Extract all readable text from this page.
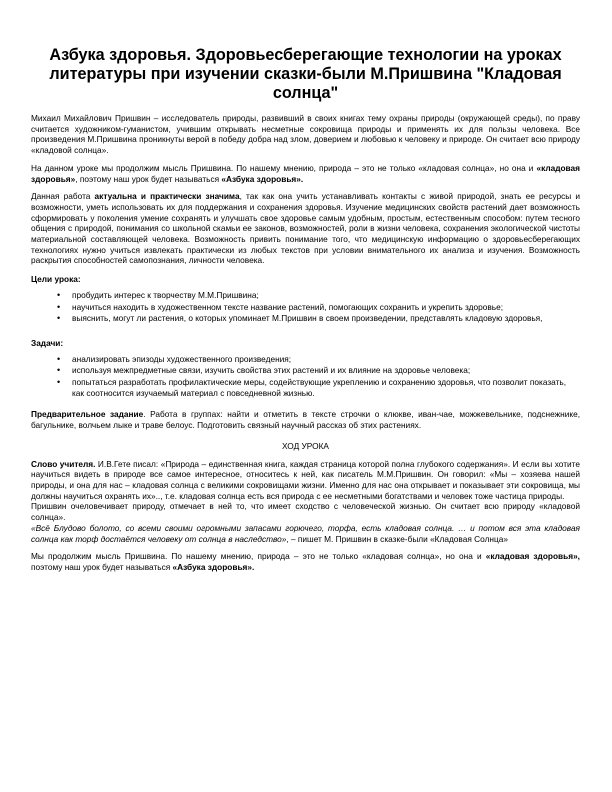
Азбука здоровья. Здоровьесберегающие технологии на уроках литературы при изучении сказки-были М.Пришвина "Кладовая солнца"

Михаил Михайлович Пришвин – исследователь природы, развивший в своих книгах тему охраны природы (окружающей среды), по праву считается художником-гуманистом, учившим открывать несметные сокровища природы и применять их для пользы человека. Все произведения М.Пришвина проникнуты верой в победу добра над злом, доверием и любовью к человеку и природе. Он считает всю природу «кладовой солнца».

На данном уроке мы продолжим мысль Пришвина. По нашему мнению, природа – это не только «кладовая солнца», но она и «кладовая здоровья», поэтому наш урок будет называться «Азбука здоровья».

Данная работа актуальна и практически значима, так как она учить устанавливать контакты с живой природой, знать ее ресурсы и возможности, уметь использовать их для поддержания и сохранения здоровья. Изучение медицинских свойств растений дает возможность сформировать у поколения умение сохранять и улучшать свое здоровье самым удобным, простым, естественным способом: путем тесного общения с природой, понимания со школьной скамьи ее законов, возможностей, роли в жизни человека, сохранения экологической чистоты материальной составляющей человека. Возможность привить понимание того, что медицинскую информацию о здоровьесберегающих технологиях нужно учиться извлекать практически из любых текстов при условии внимательного их анализа и изучения. Возможность раскрытия способностей самопознания, личности человека.

Цели урока:
• пробудить интерес к творчеству М.М.Пришвина;
• научиться находить в художественном тексте название растений, помогающих сохранить и укрепить здоровье;
• выяснить, могут ли растения, о которых упоминает М.Пришвин в своем произведении, представлять кладовую здоровья,
Задачи:
• анализировать эпизоды художественного произведения;
• используя межпредметные связи, изучить свойства этих растений и их влияние на здоровье человека;
• попытаться разработать профилактические меры, содействующие укреплению и сохранению здоровья, что позволит показать, как соотносится изучаемый материал с повседневной жизнью.

Предварительное задание. Работа в группах: найти и отметить в тексте строчки о клюкве, иван-чае, можжевельнике, подснежнике, багульнике, волчьем лыке и траве белоус. Подготовить связный научный рассказ об этих растениях.

ХОД УРОКА

Слово учителя. И.В.Гете писал: «Природа – единственная книга, каждая страница которой полна глубокого содержания». И если вы хотите научиться видеть в природе все самое интересное, относитесь к ней, как писатель М.М.Пришвин. Он говорил: «Мы – хозяева нашей природы, и она для нас – кладовая солнца с великими сокровищами жизни. Именно для нас она открывает и показывает эти сокровища, мы должны научиться охранять их».., т.е. кладовая солнца есть вся природа с ее несметными богатствами и человек тоже частица природы.

Пришвин очеловечивает природу, отмечает в ней то, что имеет сходство с человеческой жизнью. Он считает всю природу «кладовой солнца».

«Всё Блудово болото, со всеми своими огромными запасами горючего, торфа, есть кладовая солнца. … и потом вся эта кладовая солнца как торф достаётся человеку от солнца в наследство», – пишет М. Пришвин в сказке-были «Кладовая Солнца»

Мы продолжим мысль Пришвина. По нашему мнению, природа – это не только «кладовая солнца», но она и «кладовая здоровья», поэтому наш урок будет называться «Азбука здоровья».
